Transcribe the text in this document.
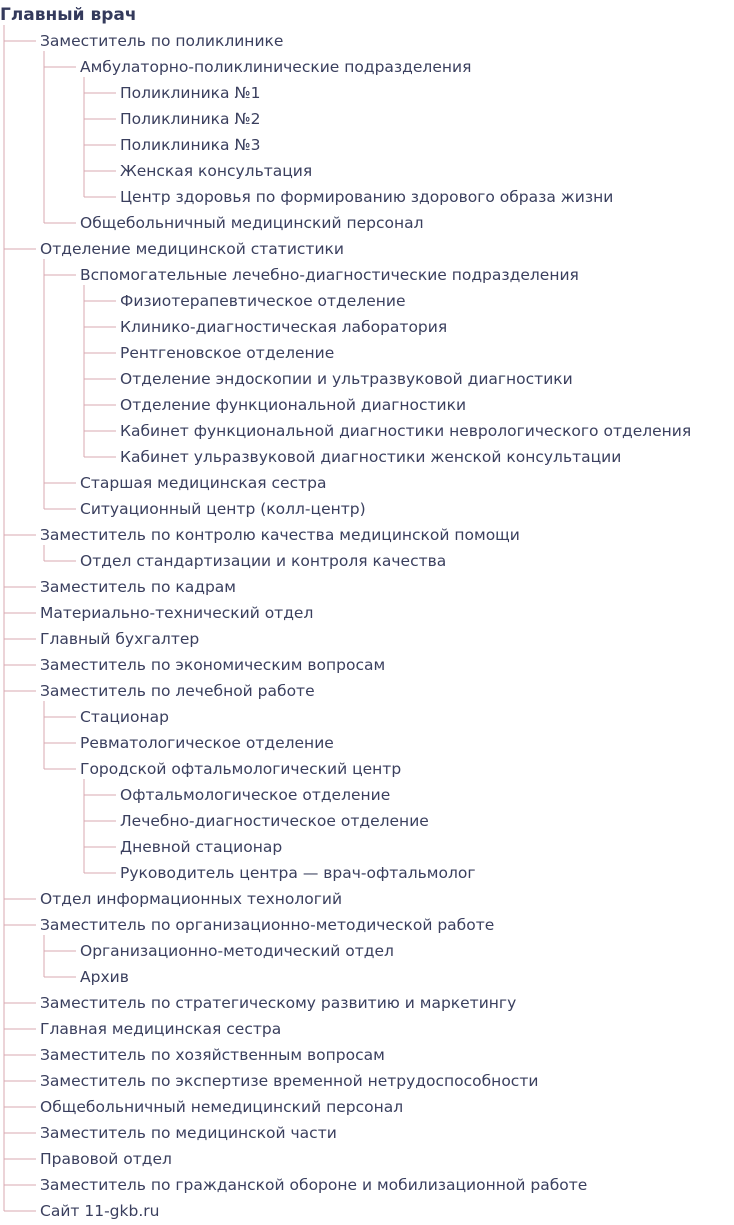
Главный врач
Заместитель по поликлинике
Амбулаторно-поликлинические подразделения
Поликлиника №1
Поликлиника №2
Поликлиника №3
Женская консультация
Центр здоровья по формированию здорового образа жизни
Общебольничный медицинский персонал
Отделение медицинской статистики
Вспомогательные лечебно-диагностические подразделения
Физиотерапевтическое отделение
Клинико-диагностическая лаборатория
Рентгеновское отделение
Отделение эндоскопии и ультразвуковой диагностики
Отделение функциональной диагностики
Кабинет функциональной диагностики неврологического отделения
Кабинет ульразвуковой диагностики женской консультации
Старшая медицинская сестра
Ситуационный центр (колл-центр)
Заместитель по контролю качества медицинской помощи
Отдел стандартизации и контроля качества
Заместитель по кадрам
Материально-технический отдел
Главный бухгалтер
Заместитель по экономическим вопросам
Заместитель по лечебной работе
Стационар
Ревматологическое отделение
Городской офтальмологический центр
Офтальмологическое отделение
Лечебно-диагностическое отделение
Дневной стационар
Руководитель центра — врач-офтальмолог
Отдел информационных технологий
Заместитель по организационно-методической работе
Организационно-методический отдел
Архив
Заместитель по стратегическому развитию и маркетингу
Главная медицинская сестра
Заместитель по хозяйственным вопросам
Заместитель по экспертизе временной нетрудоспособности
Общебольничный немедицинский персонал
Заместитель по медицинской части
Правовой отдел
Заместитель по гражданской обороне и мобилизационной работе
Сайт 11-gkb.ru
